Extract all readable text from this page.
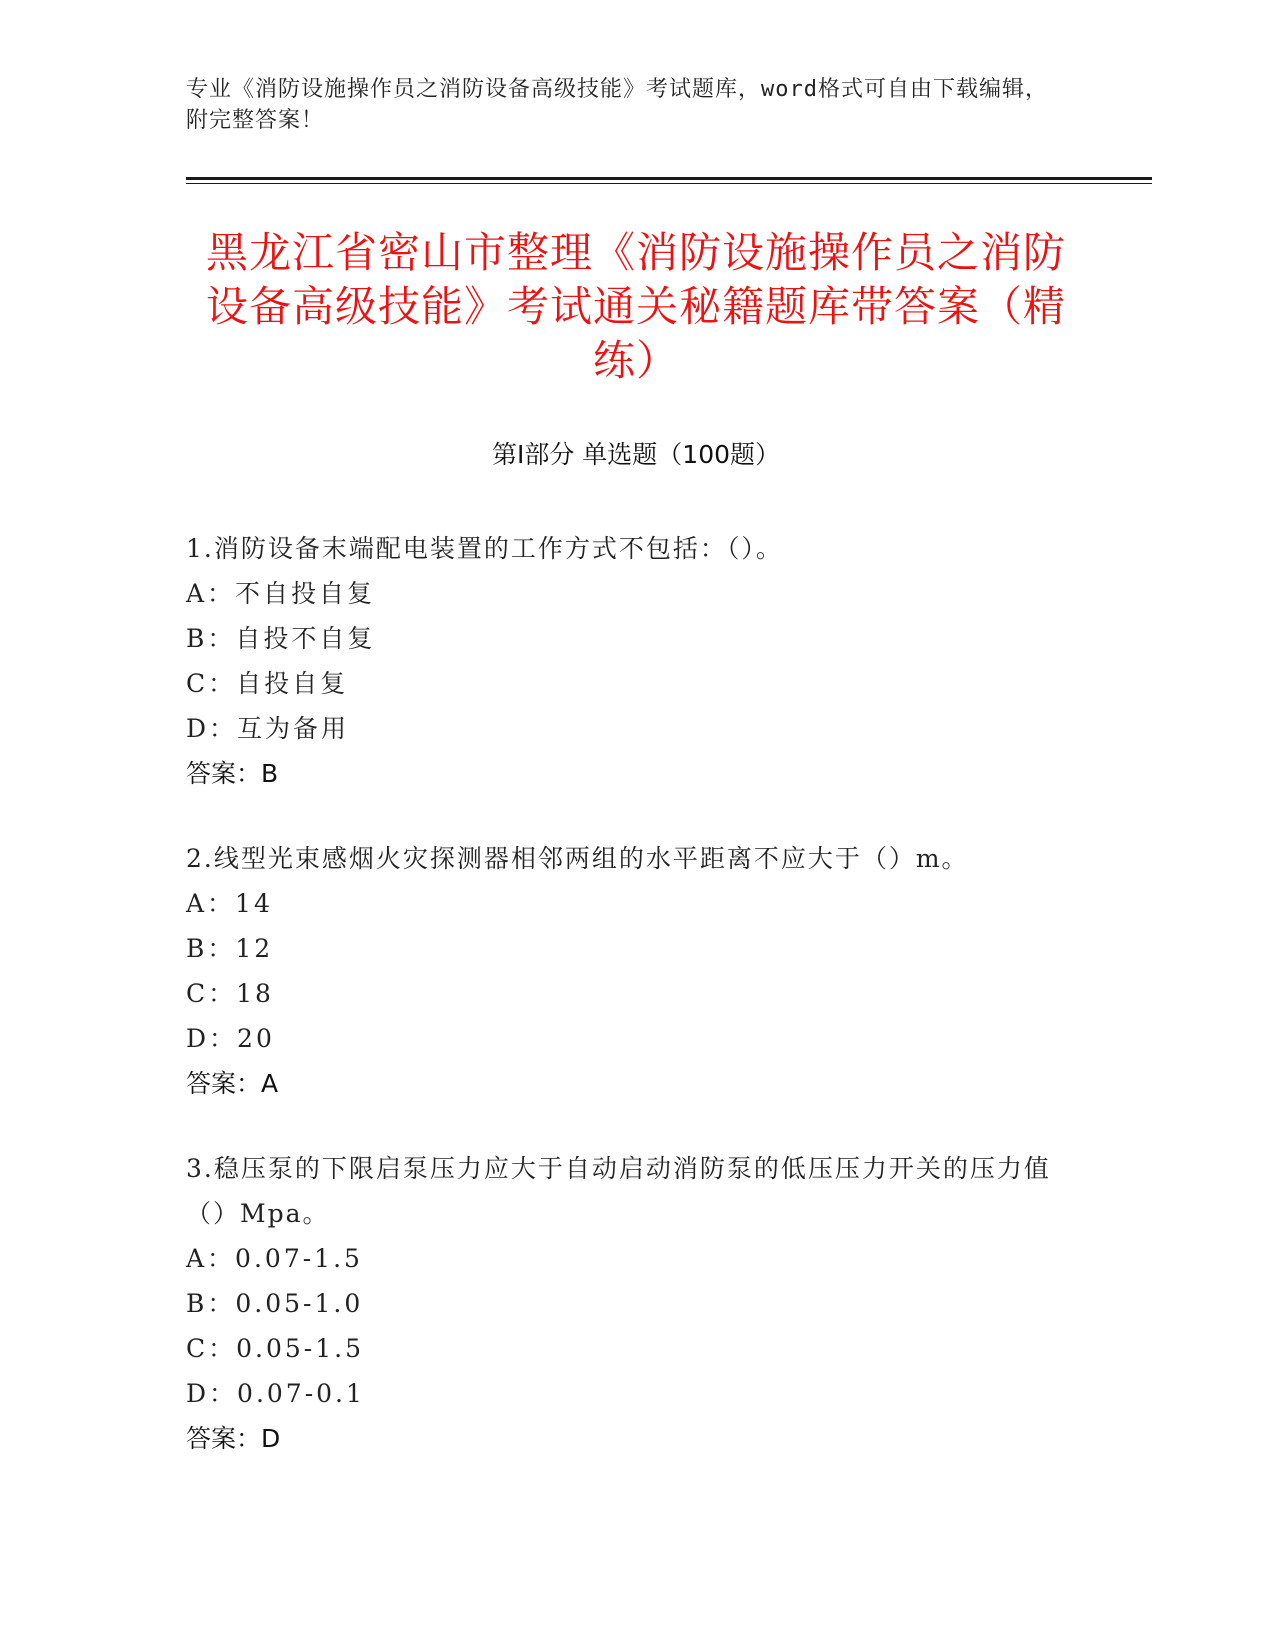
专业《消防设施操作员之消防设备高级技能》考试题库，word格式可自由下载编辑，附完整答案！
黑龙江省密山市整理《消防设施操作员之消防设备高级技能》考试通关秘籍题库带答案（精练）
第Ⅰ部分 单选题（100题）
1.消防设备末端配电装置的工作方式不包括：（）。
A：不自投自复
B：自投不自复
C：自投自复
D：互为备用
答案：B
2.线型光束感烟火灾探测器相邻两组的水平距离不应大于（）m。
A：14
B：12
C：18
D：20
答案：A
3.稳压泵的下限启泵压力应大于自动启动消防泵的低压压力开关的压力值（）Mpa。
A：0.07-1.5
B：0.05-1.0
C：0.05-1.5
D：0.07-0.1
答案：D
